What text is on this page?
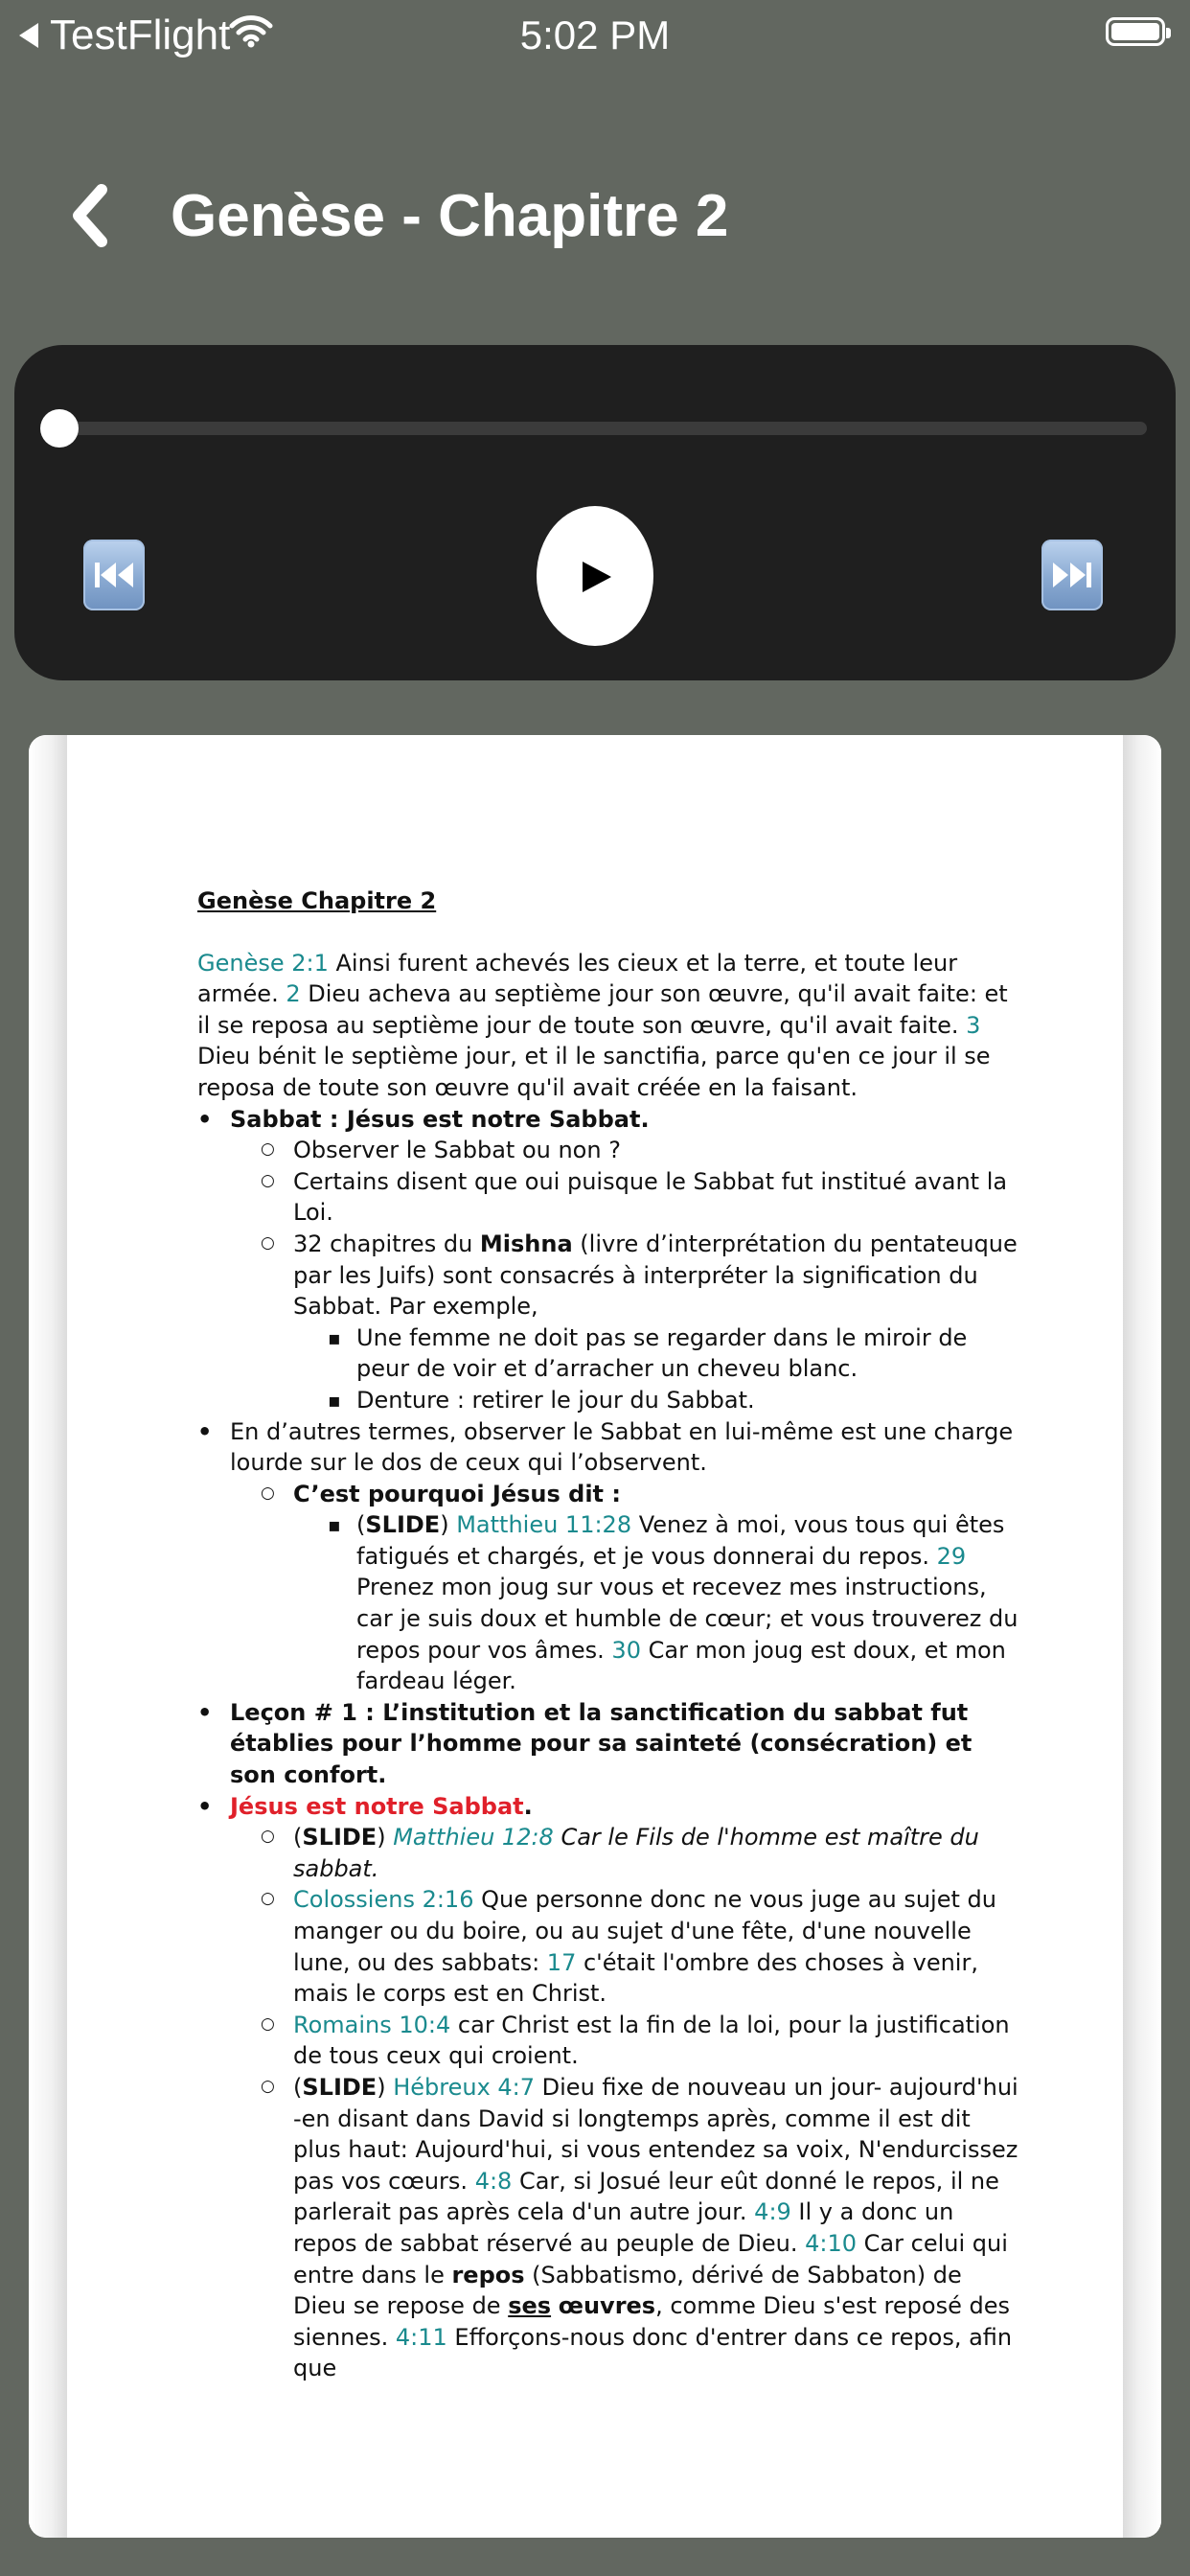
TestFlight	5:02 PM
Genèse - Chapitre 2

Genèse Chapitre 2

Genèse 2:1 Ainsi furent achevés les cieux et la terre, et toute leur armée. 2 Dieu acheva au septième jour son œuvre, qu'il avait faite: et il se reposa au septième jour de toute son œuvre, qu'il avait faite. 3 Dieu bénit le septième jour, et il le sanctifia, parce qu'en ce jour il se reposa de toute son œuvre qu'il avait créée en la faisant.

• Sabbat : Jésus est notre Sabbat.
○ Observer le Sabbat ou non ?
○ Certains disent que oui puisque le Sabbat fut institué avant la Loi.
○ 32 chapitres du Mishna (livre d’interprétation du pentateuque par les Juifs) sont consacrés à interpréter la signification du Sabbat. Par exemple,
▪ Une femme ne doit pas se regarder dans le miroir de peur de voir et d’arracher un cheveu blanc.
▪ Denture : retirer le jour du Sabbat.
• En d’autres termes, observer le Sabbat en lui-même est une charge lourde sur le dos de ceux qui l’observent.
○ C’est pourquoi Jésus dit :
▪ (SLIDE) Matthieu 11:28 Venez à moi, vous tous qui êtes fatigués et chargés, et je vous donnerai du repos. 29 Prenez mon joug sur vous et recevez mes instructions, car je suis doux et humble de cœur; et vous trouverez du repos pour vos âmes. 30 Car mon joug est doux, et mon fardeau léger.
• Leçon # 1 : L’institution et la sanctification du sabbat fut établies pour l’homme pour sa sainteté (consécration) et son confort.
• Jésus est notre Sabbat.
○ (SLIDE) Matthieu 12:8 Car le Fils de l'homme est maître du sabbat.
○ Colossiens 2:16 Que personne donc ne vous juge au sujet du manger ou du boire, ou au sujet d'une fête, d'une nouvelle lune, ou des sabbats: 17 c'était l'ombre des choses à venir, mais le corps est en Christ.
○ Romains 10:4 car Christ est la fin de la loi, pour la justification de tous ceux qui croient.
○ (SLIDE) Hébreux 4:7 Dieu fixe de nouveau un jour- aujourd'hui -en disant dans David si longtemps après, comme il est dit plus haut: Aujourd'hui, si vous entendez sa voix, N'endurcissez pas vos cœurs. 4:8 Car, si Josué leur eût donné le repos, il ne parlerait pas après cela d'un autre jour. 4:9 Il y a donc un repos de sabbat réservé au peuple de Dieu. 4:10 Car celui qui entre dans le repos (Sabbatismo, dérivé de Sabbaton) de Dieu se repose de ses œuvres, comme Dieu s'est reposé des siennes. 4:11 Efforçons-nous donc d'entrer dans ce repos, afin que
